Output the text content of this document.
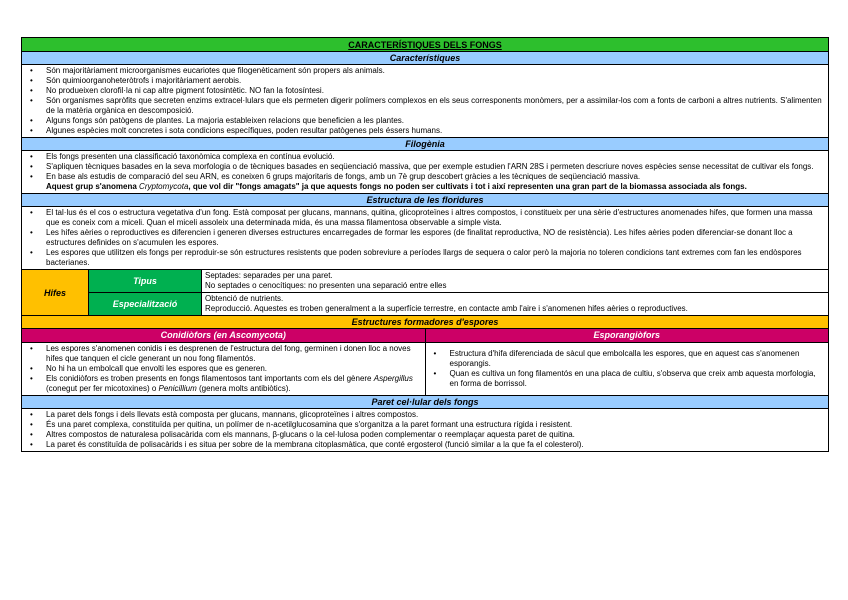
CARACTERÍSTIQUES DELS FONGS
Característiques
• Són majoritàriament microorganismes eucariotes que filogenèticament són propers als animals.
• Són quimioorganoheteròtrofs i majoritàriament aerobis.
• No produeixen clorofil·la ni cap altre pigment fotosintètic. NO fan la fotosíntesi.
• Són organismes sapròfits que secreten enzims extracel·lulars que els permeten digerir polímers complexos en els seus corresponents monòmers, per a assimilar-los com a fonts de carboni a altres nutrients. S'alimenten de la matèria orgànica en descomposició.
• Alguns fongs són patògens de plantes. La majoria estableixen relacions que beneficien a les plantes.
• Algunes espècies molt concretes i sota condicions específiques, poden resultar patògenes pels éssers humans.
Filogènia
• Els fongs presenten una classificació taxonòmica complexa en contínua evolució.
• S'apliquen tècniques basades en la seva morfologia o de tècniques basades en seqüenciació massiva, que per exemple estudien l'ARN 28S i permeten descriure noves espècies sense necessitat de cultivar els fongs.
• En base als estudis de comparació del seu ARN, es coneixen 6 grups majoritaris de fongs, amb un 7è grup descobert gràcies a les tècniques de seqüenciació massiva.
Aquest grup s'anomena Cryptomycota, que vol dir "fongs amagats" ja que aquests fongs no poden ser cultivats i tot i així representen una gran part de la biomassa associada als fongs.
Estructura de les floridures
• El tal·lus és el cos o estructura vegetativa d'un fong. Està composat per glucans, mannans, quitina, glicoproteïnes i altres compostos, i constitueix per una sèrie d'estructures anomenades hifes, que formen una massa que es coneix com a miceli. Quan el miceli assoleix una determinada mida, és una massa filamentosa observable a simple vista.
• Les hifes aèries o reproductives es diferencien i generen diverses estructures encarregades de formar les espores (de finalitat reproductiva, NO de resistència). Les hifes aèries poden diferenciar-se donant lloc a estructures definides on s'acumulen les espores.
• Les espores que utilitzen els fongs per reproduir-se són estructures resistents que poden sobreviure a períodes llargs de sequera o calor però la majoria no toleren condicions tant extremes com fan les endòspores bacterianes.
Hifes
Tipus
Septades: separades per una paret.
No septades o cenocítiques: no presenten una separació entre elles
Especialització
Obtenció de nutrients.
Reproducció. Aquestes es troben generalment a la superfície terrestre, en contacte amb l'aire i s'anomenen hifes aèries o reproductives.
Estructures formadores d'espores
Conidiòfors (en Ascomycota)	Esporangiòfors
• Les espores s'anomenen conidis i es desprenen de l'estructura del fong, germinen i donen lloc a noves hifes que tanquen el cicle generant un nou fong filamentós.
• No hi ha un embolcall que envolti les espores que es generen.
• Els conidiòfors es troben presents en fongs filamentosos tant importants com els del gènere Aspergillus (conegut per fer micotoxines) o Penicillium (genera molts antibiòtics).
• Estructura d'hifa diferenciada de sàcul que embolcalla les espores, que en aquest cas s'anomenen esporangis.
• Quan es cultiva un fong filamentós en una placa de cultiu, s'observa que creix amb aquesta morfologia, en forma de borrissol.
Paret cel·lular dels fongs
• La paret dels fongs i dels llevats està composta per glucans, mannans, glicoproteïnes i altres compostos.
• És una paret complexa, constituïda per quitina, un polímer de n-acetilglucosamina que s'organitza a la paret formant una estructura rígida i resistent.
• Altres compostos de naturalesa polisacàrida com els mannans, β-glucans o la cel·lulosa poden complementar o reemplaçar aquesta paret de quitina.
• La paret és constituïda de polisacàrids i es situa per sobre de la membrana citoplasmàtica, que conté ergosterol (funció similar a la que fa el colesterol).
